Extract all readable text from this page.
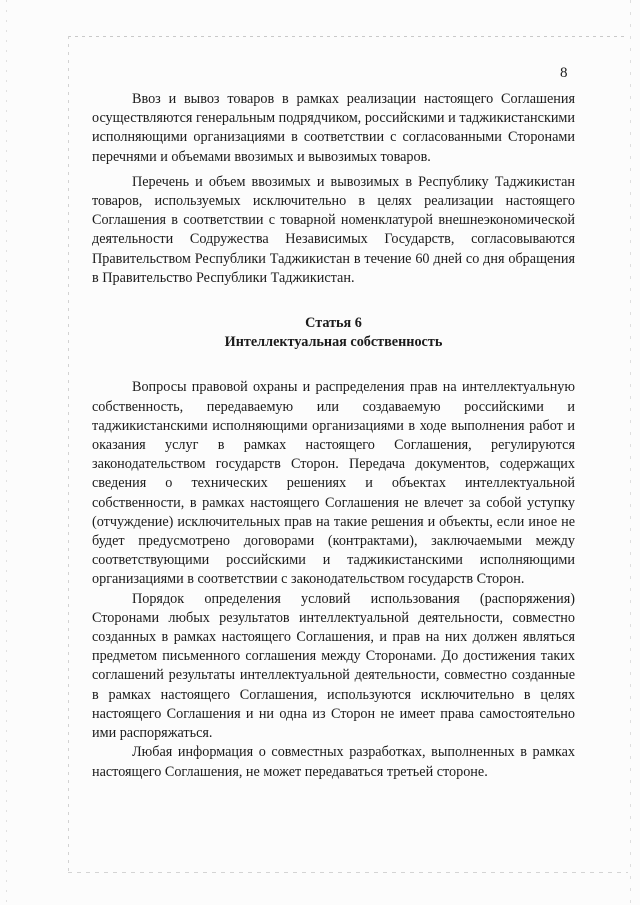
8

Ввоз и вывоз товаров в рамках реализации настоящего Соглашения осуществляются генеральным подрядчиком, российскими и таджикистанскими исполняющими организациями в соответствии с согласованными Сторонами перечнями и объемами ввозимых и вывозимых товаров.

Перечень и объем ввозимых и вывозимых в Республику Таджикистан товаров, используемых исключительно в целях реализации настоящего Соглашения в соответствии с товарной номенклатурой внешнеэкономической деятельности Содружества Независимых Государств, согласовываются Правительством Республики Таджикистан в течение 60 дней со дня обращения в Правительство Республики Таджикистан.

Статья 6

Интеллектуальная собственность

Вопросы правовой охраны и распределения прав на интеллектуальную собственность, передаваемую или создаваемую российскими и таджикистанскими исполняющими организациями в ходе выполнения работ и оказания услуг в рамках настоящего Соглашения, регулируются законодательством государств Сторон. Передача документов, содержащих сведения о технических решениях и объектах интеллектуальной собственности, в рамках настоящего Соглашения не влечет за собой уступку (отчуждение) исключительных прав на такие решения и объекты, если иное не будет предусмотрено договорами (контрактами), заключаемыми между соответствующими российскими и таджикистанскими исполняющими организациями в соответствии с законодательством государств Сторон.

Порядок определения условий использования (распоряжения) Сторонами любых результатов интеллектуальной деятельности, совместно созданных в рамках настоящего Соглашения, и прав на них должен являться предметом письменного соглашения между Сторонами. До достижения таких соглашений результаты интеллектуальной деятельности, совместно созданные в рамках настоящего Соглашения, используются исключительно в целях настоящего Соглашения и ни одна из Сторон не имеет права самостоятельно ими распоряжаться.

Любая информация о совместных разработках, выполненных в рамках настоящего Соглашения, не может передаваться третьей стороне.
